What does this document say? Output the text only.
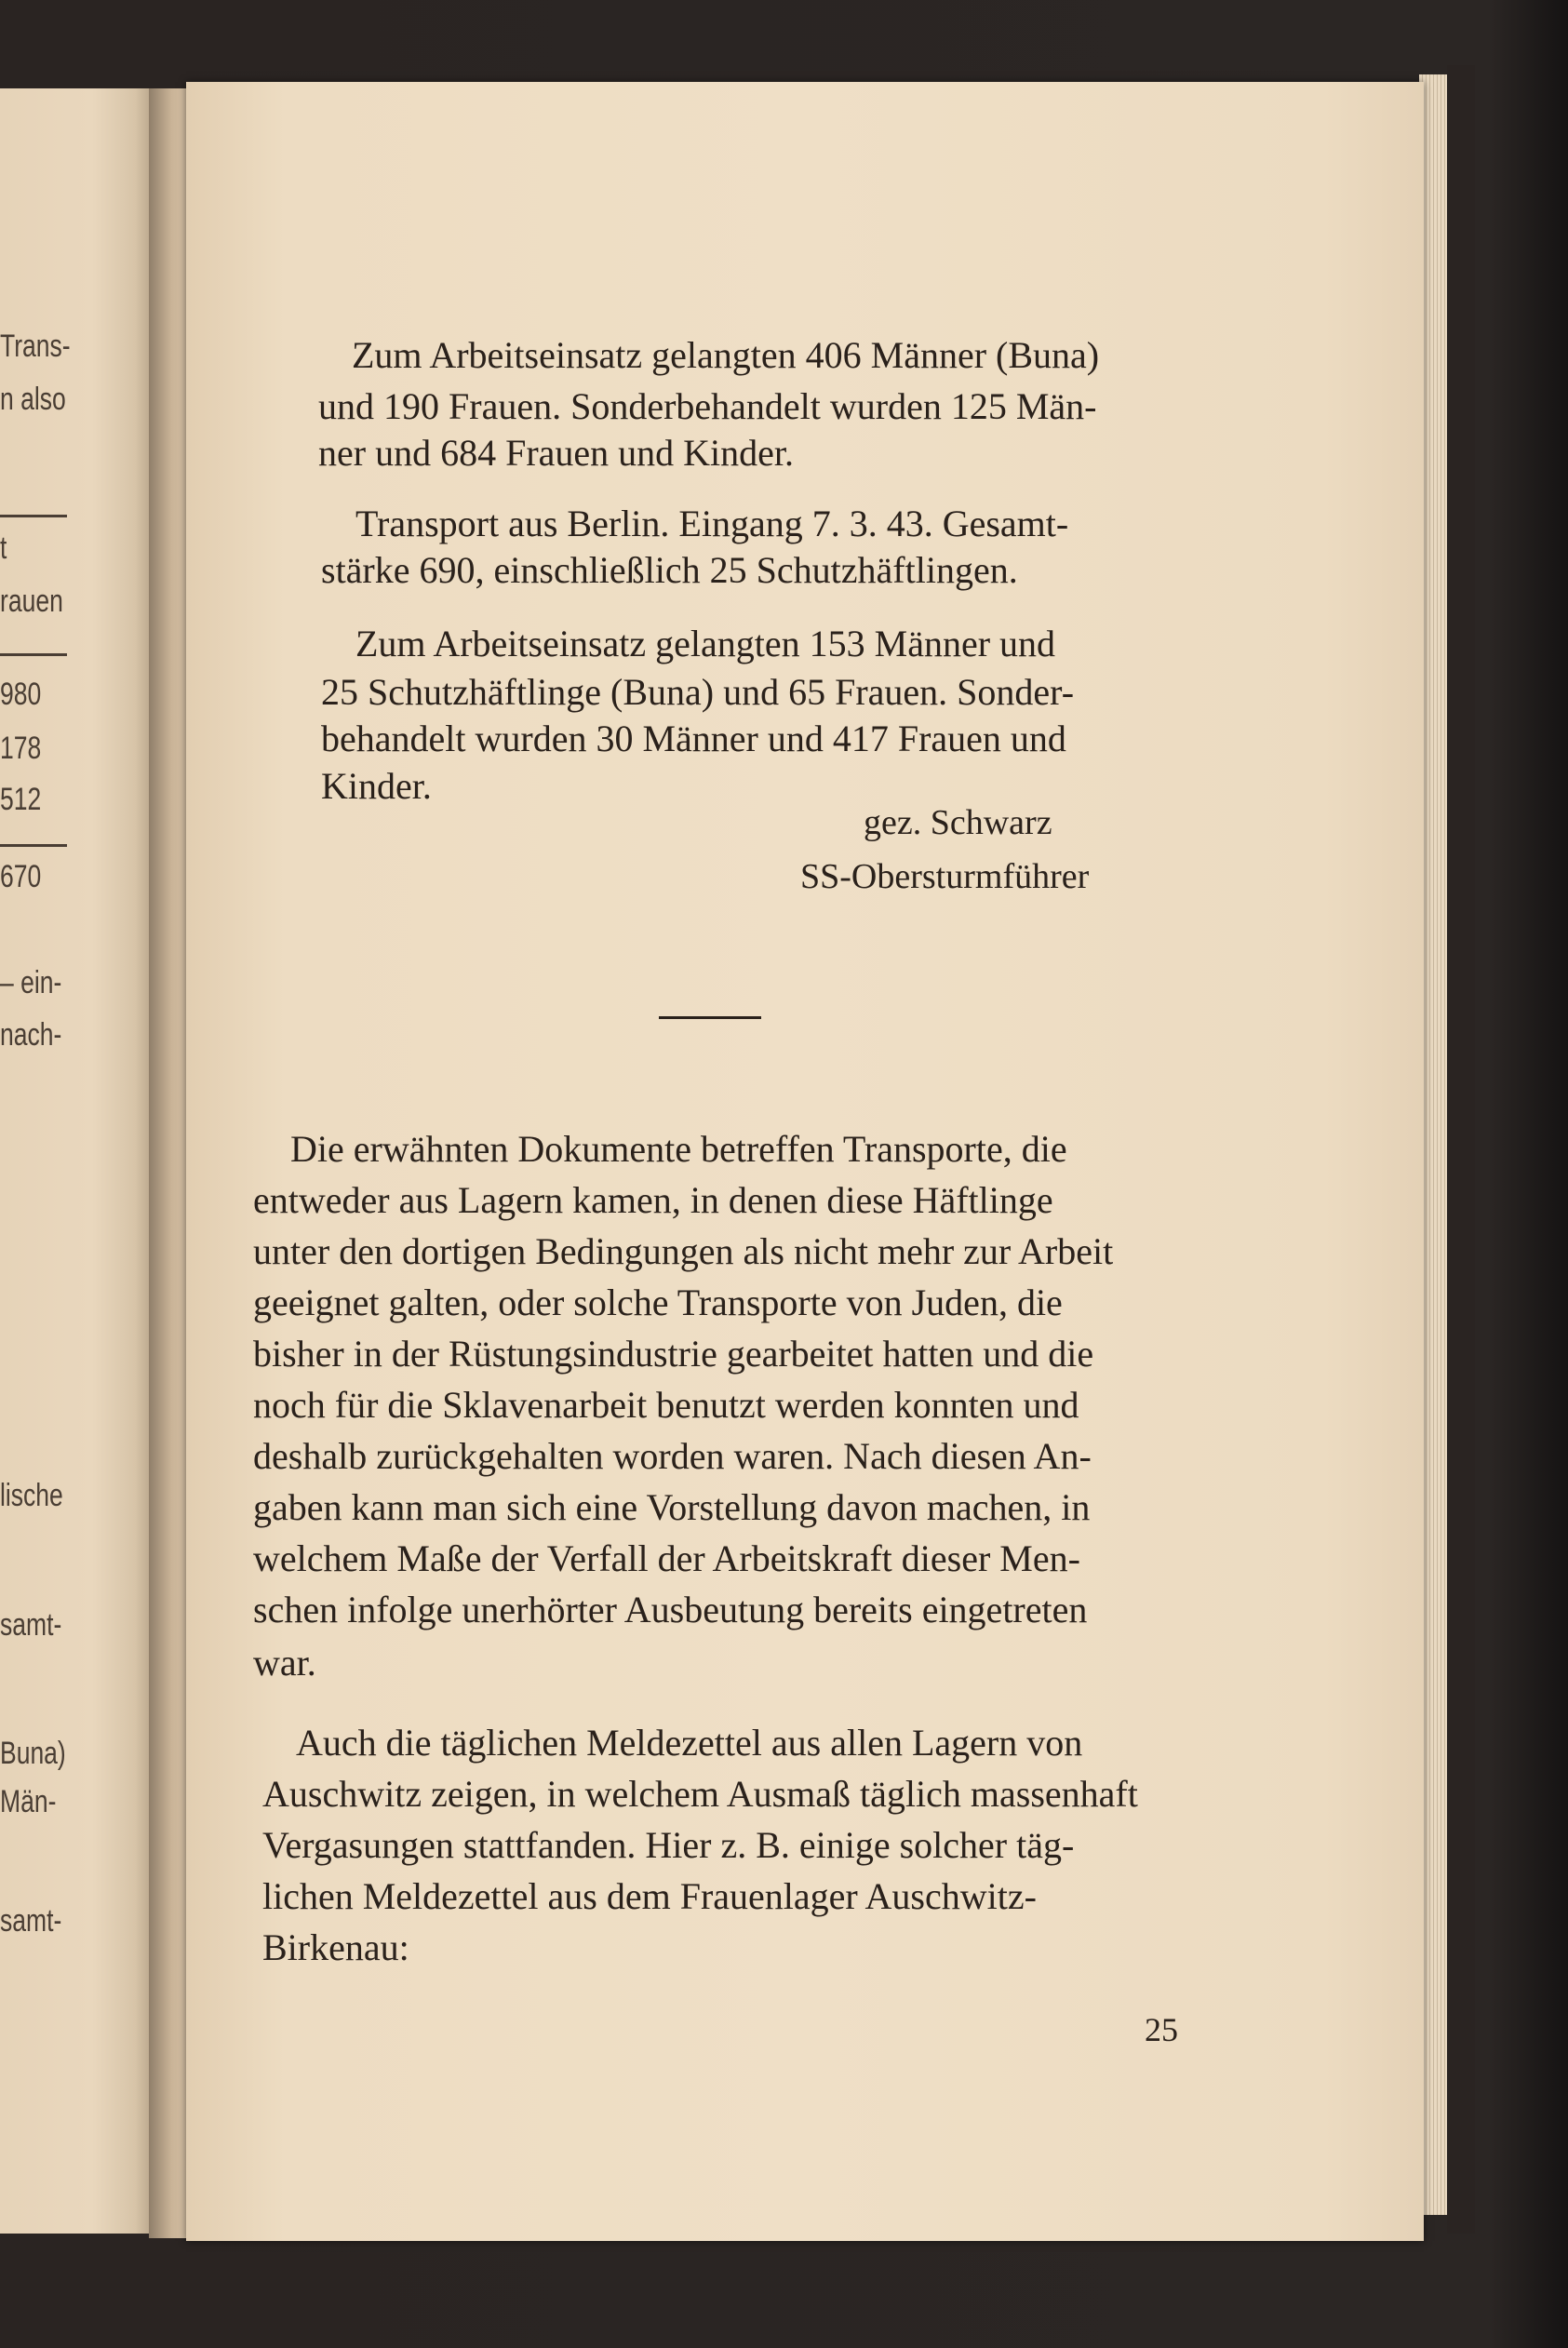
Trans-
n also
t
rauen
980
178
512
670
– ein-
nach-
lische
samt-
Buna)
Män-
samt-
Zum Arbeitseinsatz gelangten 406 Männer (Buna)
und 190 Frauen. Sonderbehandelt wurden 125 Män-
ner und 684 Frauen und Kinder.
Transport aus Berlin. Eingang 7. 3. 43. Gesamt-
stärke 690, einschließlich 25 Schutzhäftlingen.
Zum Arbeitseinsatz gelangten 153 Männer und
25 Schutzhäftlinge (Buna) und 65 Frauen. Sonder-
behandelt wurden 30 Männer und 417 Frauen und
Kinder.
gez. Schwarz
SS-Obersturmführer
Die erwähnten Dokumente betreffen Transporte, die
entweder aus Lagern kamen, in denen diese Häftlinge
unter den dortigen Bedingungen als nicht mehr zur Arbeit
geeignet galten, oder solche Transporte von Juden, die
bisher in der Rüstungsindustrie gearbeitet hatten und die
noch für die Sklavenarbeit benutzt werden konnten und
deshalb zurückgehalten worden waren. Nach diesen An-
gaben kann man sich eine Vorstellung davon machen, in
welchem Maße der Verfall der Arbeitskraft dieser Men-
schen infolge unerhörter Ausbeutung bereits eingetreten
war.
Auch die täglichen Meldezettel aus allen Lagern von
Auschwitz zeigen, in welchem Ausmaß täglich massenhaft
Vergasungen stattfanden. Hier z. B. einige solcher täg-
lichen Meldezettel aus dem Frauenlager Auschwitz-
Birkenau:
25
